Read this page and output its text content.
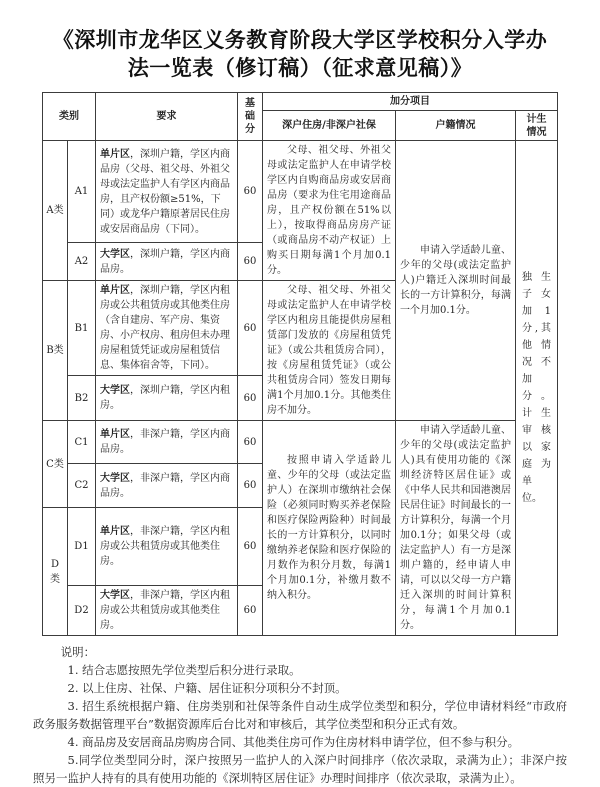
《深圳市龙华区义务教育阶段大学区学校积分入学办法一览表（修订稿）（征求意见稿）》
类别		要求	基础分	加分项目		
				深户住房/非深户社保	户籍情况	计生情况
A类	A1	单片区，深圳户籍，学区内商品房（父母、祖父母、外祖父母或法定监护人有学区内商品房，且产权份额≥51%，下同）或龙华户籍原著居民住房或安居商品房（下同）。	60	父母、祖父母、外祖父母或法定监护人在申请学校学区内自购商品房或安居商品房（要求为住宅用途商品房，且产权份额在51%以上），按取得商品房房产证（或商品房不动产权证）上购买日期每满1个月加0.1分。	申请入学适龄儿童、少年的父母(或法定监护人)户籍迁入深圳时间最长的一方计算积分，每满一个月加0.1分。	独生子女加1分,其他情况不加分。计生审核以家庭为单位。
	A2	大学区，深圳户籍，学区内商品房。	60			
B类	B1	单片区，深圳户籍，学区内租房或公共租赁房或其他类住房（含自建房、军产房、集资房、小产权房、租房但未办理房屋租赁凭证或房屋租赁信息、集体宿舍等，下同）。	60	父母、祖父母、外祖父母或法定监护人在申请学校学区内租房且能提供房屋租赁部门发放的《房屋租赁凭证》（或公共租赁房合同），按《房屋租赁凭证》（或公共租赁房合同）签发日期每满1个月加0.1分。其他类住房不加分。		

	B2	大学区，深圳户籍，学区内租房。	60			
C类	C1	单片区，非深户籍，学区内商品房。	60	按照申请入学适龄儿童、少年的父母（或法定监护人）在深圳市缴纳社会保险（必须同时购买养老保险和医疗保险两险种）时间最长的一方计算积分，以同时缴纳养老保险和医疗保险的月数作为积分月数，每满1个月加0.1分，补缴月数不纳入积分。	申请入学适龄儿童、少年的父母(或法定监护人)具有使用功能的《深圳经济特区居住证》或《中华人民共和国港澳居民居住证》时间最长的一方计算积分，每满一个月加0.1分；如果父母（或法定监护人）有一方是深圳户籍的，经申请人申请，可以以父母一方户籍迁入深圳的时间计算积分，每满1个月加0.1分。	

	C2	大学区，非深户籍，学区内商品房。	60			
D类	D1	单片区，非深户籍，学区内租房或公共租赁房或其他类住房。	60			
	D2	大学区，非深户籍，学区内租房或公共租赁房或其他类住房。	60			
说明：
1. 结合志愿按照先学位类型后积分进行录取。
2. 以上住房、社保、户籍、居住证积分项积分不封顶。
3. 招生系统根据户籍、住房类别和社保等条件自动生成学位类型和积分，学位申请材料经“市政府政务服务数据管理平台”数据资源库后台比对和审核后，其学位类型和积分正式有效。
4. 商品房及安居商品房购房合同、其他类住房可作为住房材料申请学位，但不参与积分。
5.同学位类型同分时，深户按照另一监护人的入深户时间排序（依次录取，录满为止）；非深户按照另一监护人持有的具有使用功能的《深圳特区居住证》办理时间排序（依次录取，录满为止）。
